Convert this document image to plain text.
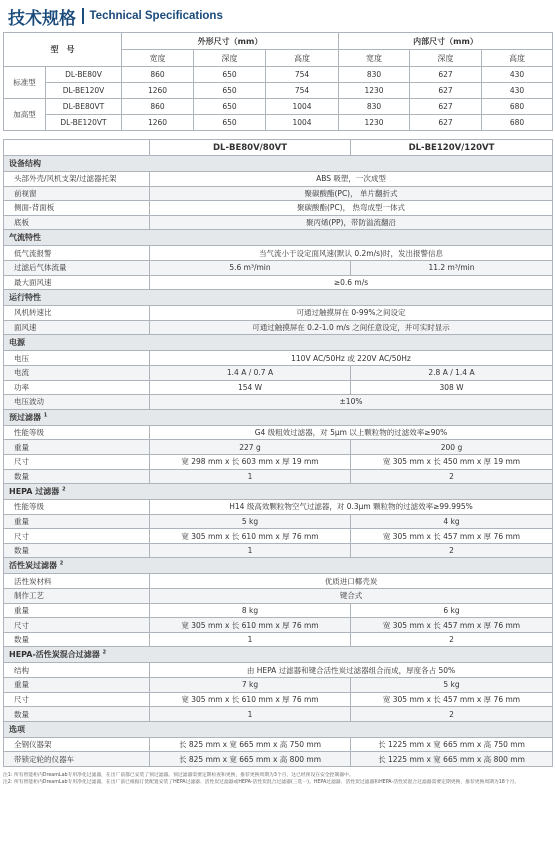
技术规格 Technical Specifications
型　号		外形尺寸（mm）			内部尺寸（mm）		
		宽度	深度	高度	宽度	深度	高度
标准型	DL-BE80V	860	650	754	830	627	430
	DL-BE120V	1260	650	754	1230	627	430
加高型	DL-BE80VT	860	650	1004	830	627	680
	DL-BE120VT	1260	650	1004	1230	627	680
	DL-BE80V/80VT	DL-BE120V/120VT
设备结构		
头部外壳/风机支架/过滤器托架	ABS 吸塑，一次成型	
前视窗	聚碳酸酯(PC)， 单片翻折式	
侧面-背面板	聚碳酸酯(PC)， 热弯成型一体式	
底板	聚丙烯(PP)，带防溢流翻沿	
气流特性		
低气流报警	当气流小于设定面风速(默认 0.2m/s)时，发出报警信息	
过滤后气体流量	5.6 m³/min	11.2 m³/min
最大面风速	≥0.6 m/s	
运行特性		
风机转速比	可通过触摸屏在 0-99%之间设定	
面风速	可通过触摸屏在 0.2-1.0 m/s 之间任意设定，并可实时显示	
电源		
电压	110V AC/50Hz 或 220V AC/50Hz	
电流	1.4 A / 0.7 A	2.8 A / 1.4 A
功率	154 W	308 W
电压波动	±10%	
预过滤器 $^1$
性能等级	G4 级粗效过滤器，对 5μm 以上颗粒物的过滤效率≥90%	
重量	227 g	200 g
尺寸	宽 298 mm x 长 603 mm x 厚 19 mm	宽 305 mm x 长 450 mm x 厚 19 mm
数量	1	2
HEPA 过滤器 $^2$
性能等级	H14 级高效颗粒物空气过滤器，对 0.3μm 颗粒物的过滤效率≥99.995%	
重量	5 kg	4 kg
尺寸	宽 305 mm x 长 610 mm x 厚 76 mm	宽 305 mm x 长 457 mm x 厚 76 mm
数量	1	2
活性炭过滤器 $^2$
活性炭材料	优质进口椰壳炭	
制作工艺	键合式	
重量	8 kg	6 kg
尺寸	宽 305 mm x 长 610 mm x 厚 76 mm	宽 305 mm x 长 457 mm x 厚 76 mm
数量	1	2
HEPA-活性炭混合过滤器 $^2$
结构	由 HEPA 过滤器和键合活性炭过滤器组合而成，厚度各占 50%	
重量	7 kg	5 kg
尺寸	宽 305 mm x 长 610 mm x 厚 76 mm	宽 305 mm x 长 457 mm x 厚 76 mm
数量	1	2
选项		
全钢仪器架	长 825 mm x 宽 665 mm x 高 750 mm	长 1225 mm x 宽 665 mm x 高 750 mm
带锁定轮的仪器车	长 825 mm x 宽 665 mm x 高 800 mm	长 1225 mm x 宽 665 mm x 高 800 mm
注1: 所有智能柜内DreamLab专用净化过滤器，在出厂前都已安装了预过滤器。预过滤器需要定期检查和更换，推荐更换周期为3个月，这已经预设在安全控制器中。
注2: 所有智能柜内DreamLab专用净化过滤器，在出厂前已根据订货配置安装了HEPA过滤器、活性炭过滤器或HEPA-活性炭混合过滤器(三选一)。HEPA过滤器、活性炭过滤器和HEPA-活性炭混合过滤器需要定期更换，推荐更换周期为18个月。
